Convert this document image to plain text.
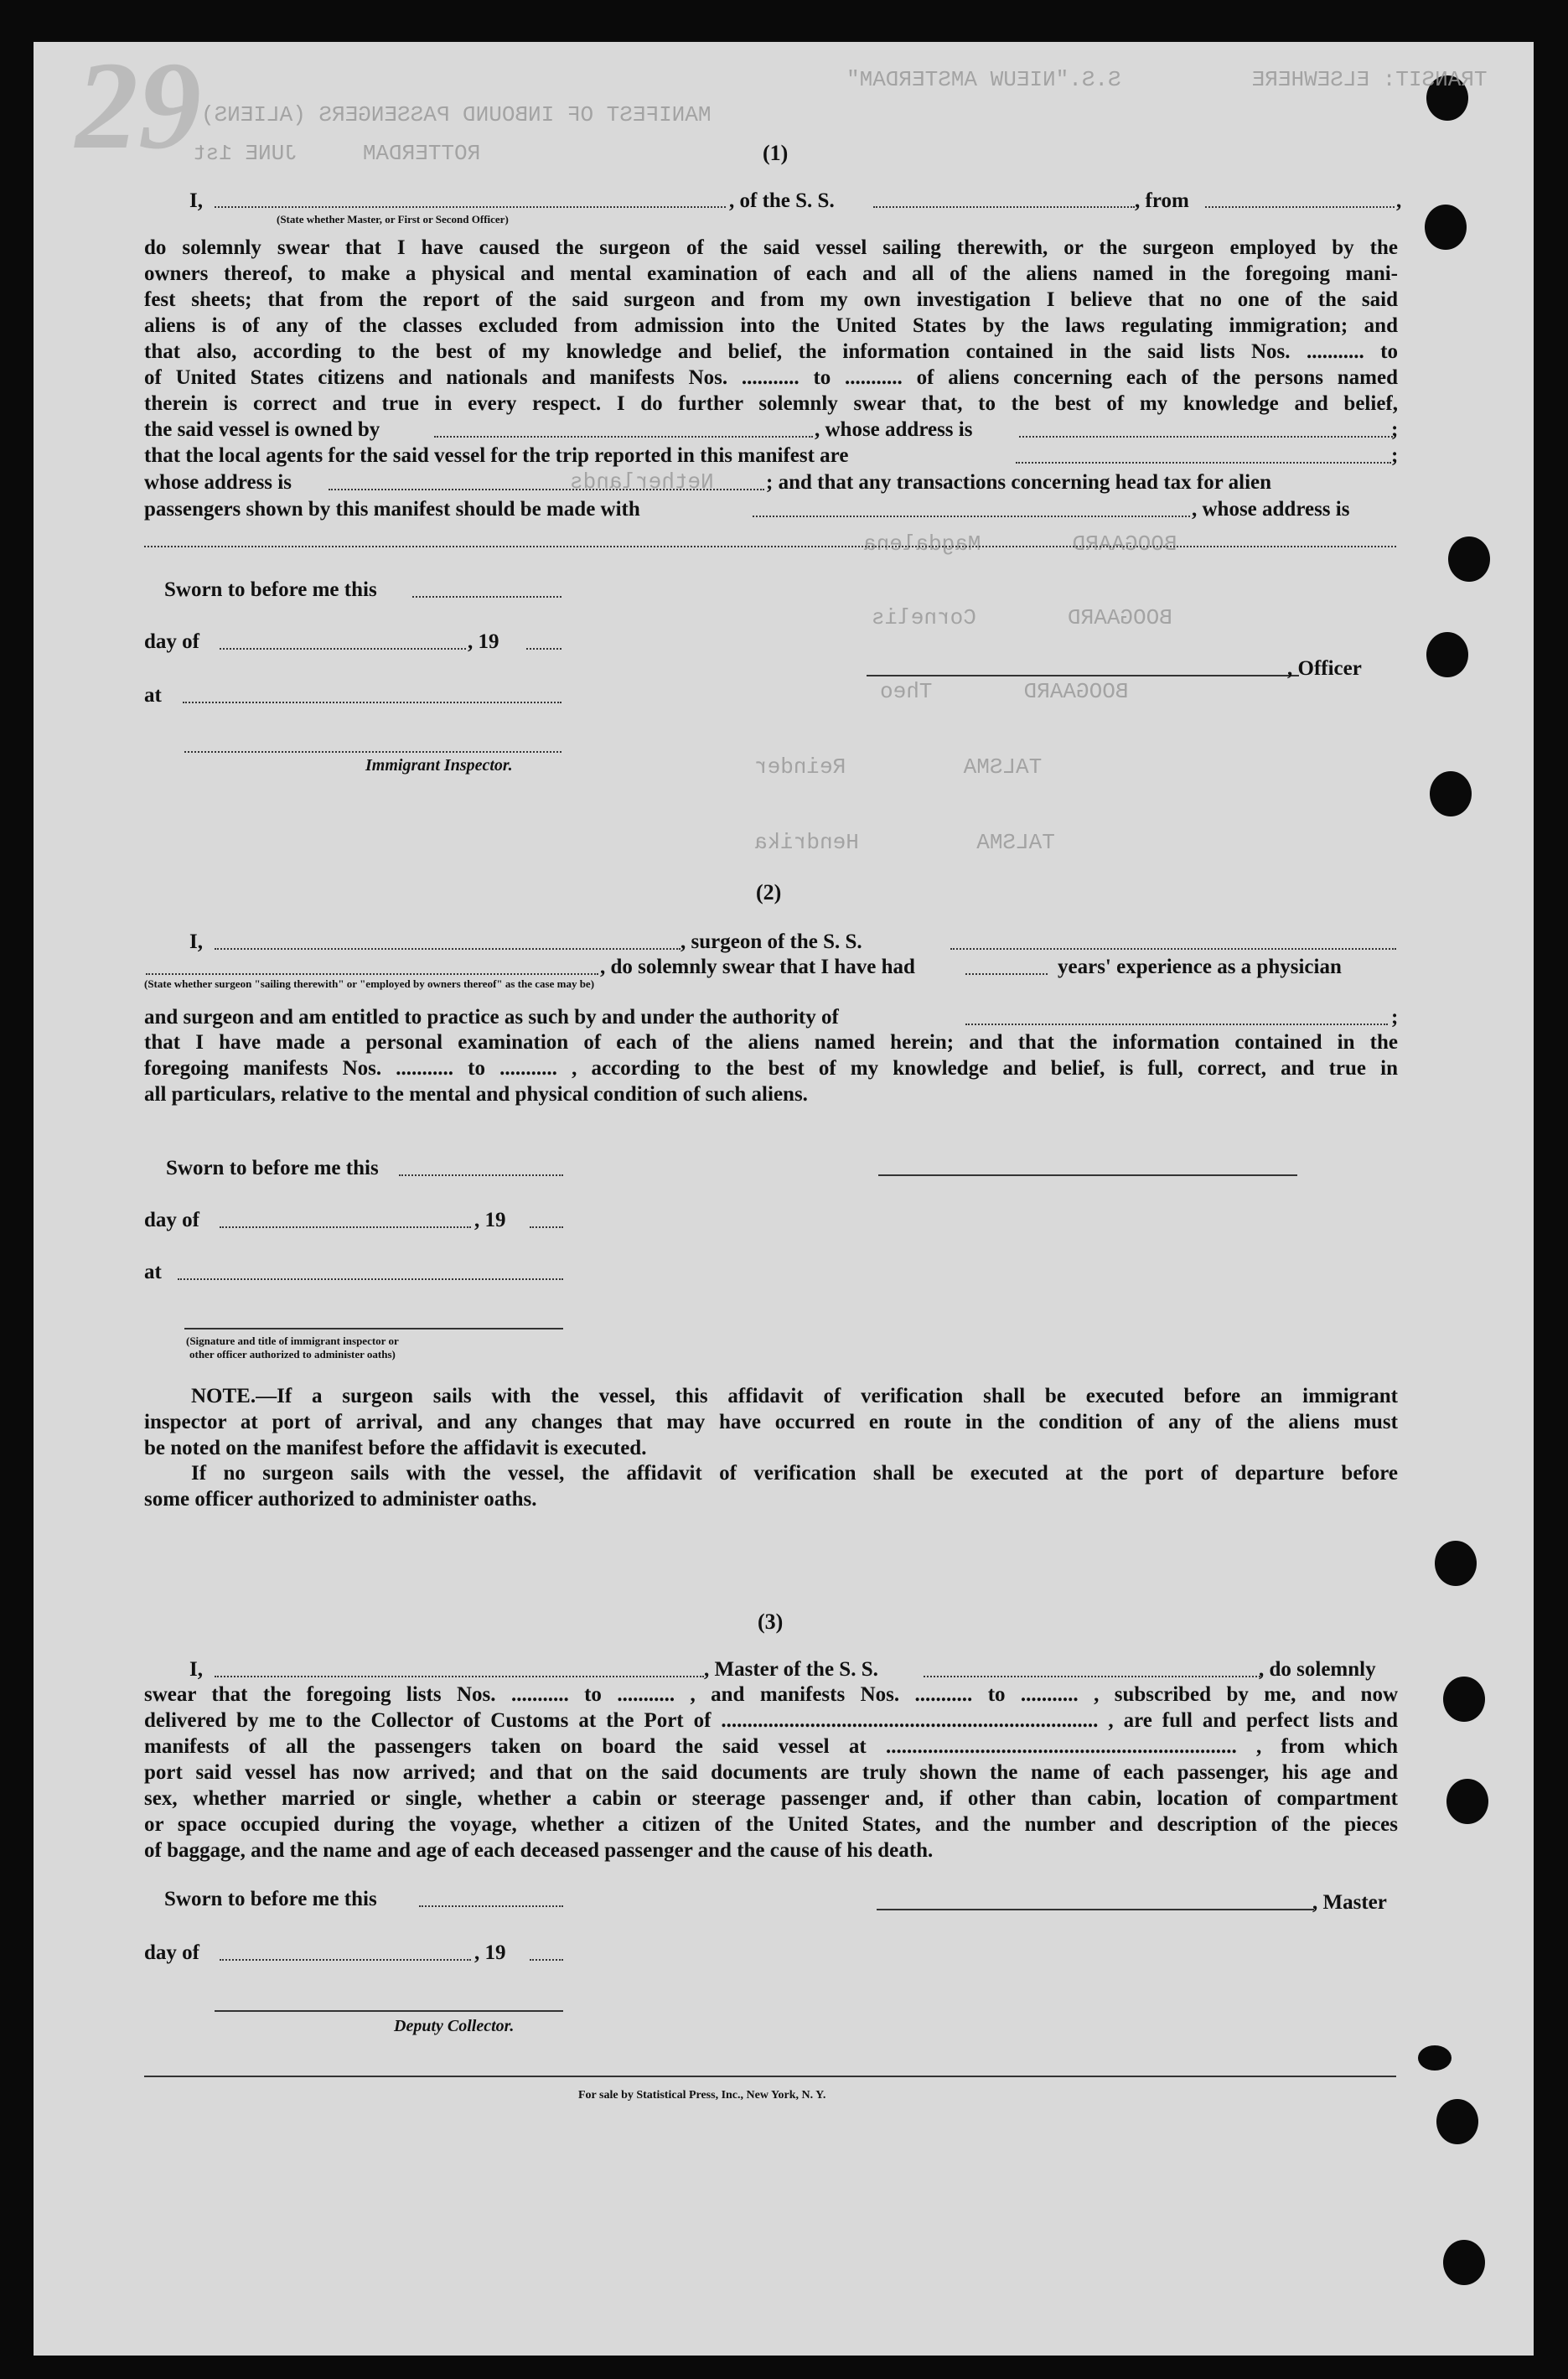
29	TRANSIT: ELSEWHERE          S.S."NIEUW AMSTERDAM"
MANIFEST OF INBOUND PASSENGERS (ALIENS)
ROTTERDAM     JUNE 1st
BOOGAARD       Magdalena
BOOGAARD       Cornelis
BOOGAARD       Theo
TALSMA         Reinder
TALSMA         Hendrika
Netherlands
(1)
I,
(State whether Master, or First or Second Officer)
, of the S. S.	, from	,
do solemnly swear that I have caused the surgeon of the said vessel sailing therewith, or the surgeon employed by the
owners thereof, to make a physical and mental examination of each and all of the aliens named in the foregoing mani-
fest sheets; that from the report of the said surgeon and from my own investigation I believe that no one of the said
aliens is of any of the classes excluded from admission into the United States by the laws regulating immigration; and
that also, according to the best of my knowledge and belief, the information contained in the said lists Nos. ........... to
of United States citizens and nationals and manifests Nos. ........... to ........... of aliens concerning each of the persons named
therein is correct and true in every respect. I do further solemnly swear that, to the best of my knowledge and belief,
the said vessel is owned by	, whose address is	;
that the local agents for the said vessel for the trip reported in this manifest are	;
whose address is	; and that any transactions concerning head tax for alien
passengers shown by this manifest should be made with	, whose address is
Sworn to before me this
day of	, 19
at
Immigrant Inspector.
, Officer
(2)
I,	, surgeon of the S. S.
, do solemnly swear that I have had	years' experience as a physician
(State whether surgeon "sailing therewith" or "employed by owners thereof" as the case may be)
and surgeon and am entitled to practice as such by and under the authority of	;
that I have made a personal examination of each of the aliens named herein; and that the information contained in the
foregoing manifests Nos. ........... to ........... , according to the best of my knowledge and belief, is full, correct, and true in
all particulars, relative to the mental and physical condition of such aliens.
Sworn to before me this
day of	, 19
at
(Signature and title of immigrant inspector or
other officer authorized to administer oaths)
NOTE.—If a surgeon sails with the vessel, this affidavit of verification shall be executed before an immigrant
inspector at port of arrival, and any changes that may have occurred en route in the condition of any of the aliens must
be noted on the manifest before the affidavit is executed.
If no surgeon sails with the vessel, the affidavit of verification shall be executed at the port of departure before
some officer authorized to administer oaths.
(3)
I,	, Master of the S. S.	, do solemnly
swear that the foregoing lists Nos. ........... to ........... , and manifests Nos. ........... to ........... , subscribed by me, and now
delivered by me to the Collector of Customs at the Port of ........................................................................ , are full and perfect lists and
manifests of all the passengers taken on board the said vessel at ................................................................... , from which
port said vessel has now arrived; and that on the said documents are truly shown the name of each passenger, his age and
sex, whether married or single, whether a cabin or steerage passenger and, if other than cabin, location of compartment
or space occupied during the voyage, whether a citizen of the United States, and the number and description of the pieces
of baggage, and the name and age of each deceased passenger and the cause of his death.
Sworn to before me this	, Master
day of	, 19
Deputy Collector.
For sale by Statistical Press, Inc., New York, N. Y.
